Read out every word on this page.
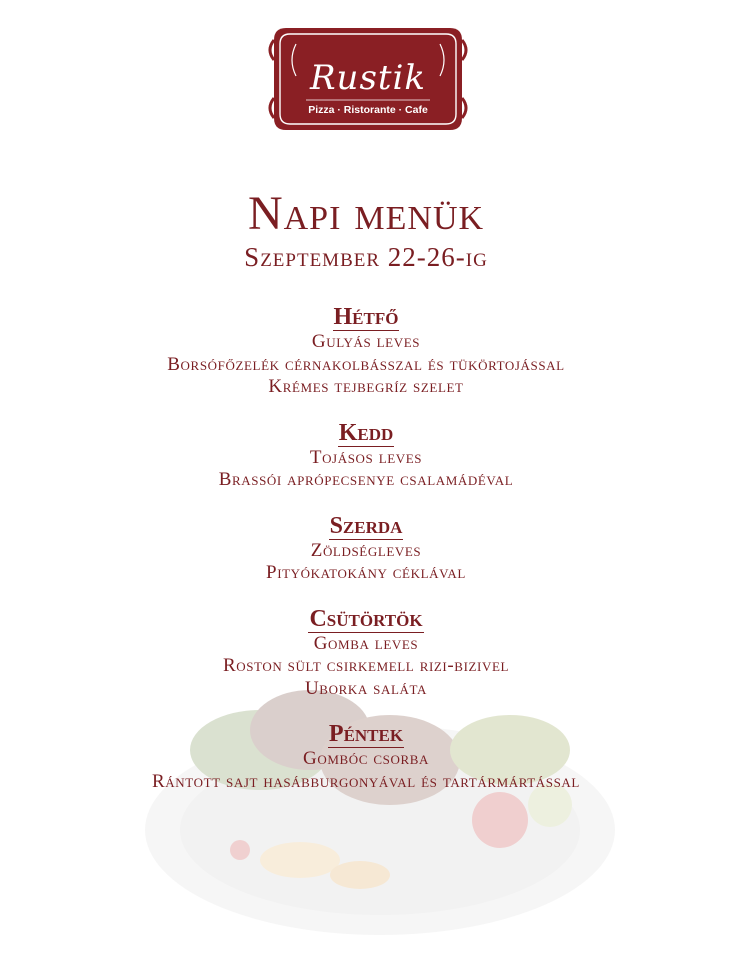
Rustik
Pizza · Ristorante · Cafe
Napi menük
Szeptember 22-26-ig
Hétfő
Gulyás leves
Borsófőzelék cérnakolbásszal és tükörtojással
Krémes tejbegríz szelet
Kedd
Tojásos leves
Brassói aprópecsenye csalamádéval
Szerda
Zöldségleves
Pityókatokány céklával
Csütörtök
Gomba leves
Roston sült csirkemell rizi-bizivel
Uborka saláta
Péntek
Gombóc csorba
Rántott sajt hasábburgonyával és tartármártással
